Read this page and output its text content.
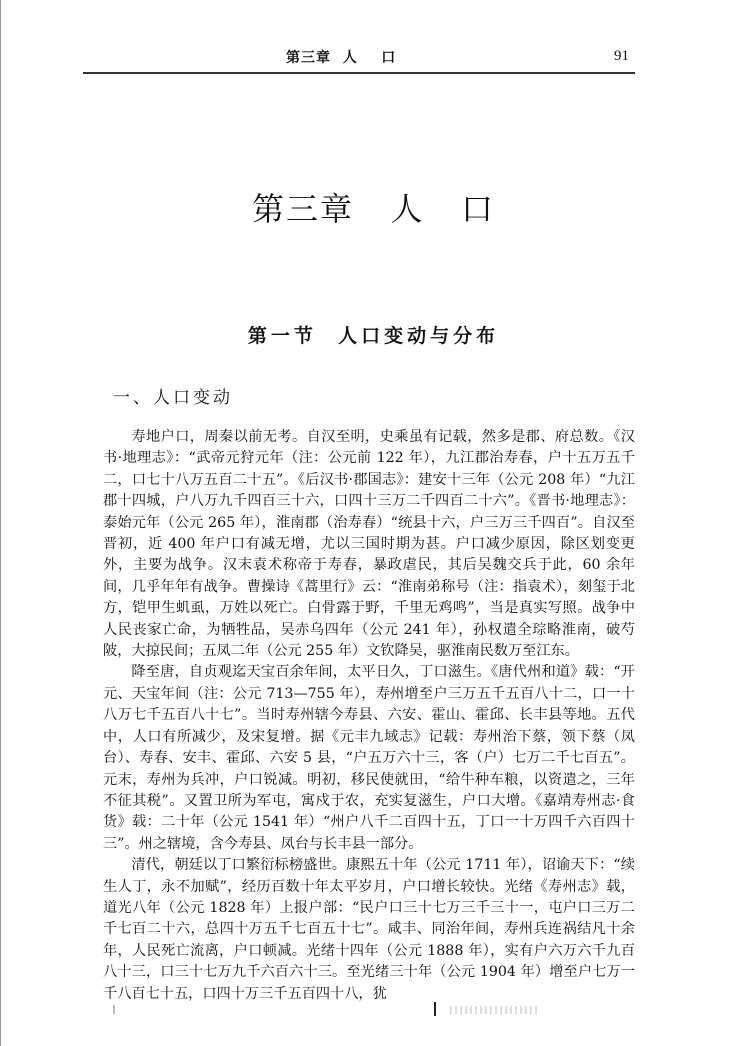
第三章  人    口	91
第三章   人   口
第一节  人口变动与分布
一、人口变动

寿地户口，周秦以前无考。自汉至明，史乘虽有记载，然多是郡、府总数。《汉书·地理志》：“武帝元狩元年（注：公元前 122 年），九江郡治寿春，户十五万五千二，口七十八万五百二十五”。《后汉书·郡国志》：建安十三年（公元 208 年）“九江郡十四城，户八万九千四百三十六，口四十三万二千四百二十六”。《晋书·地理志》：泰始元年（公元 265 年），淮南郡（治寿春）“统县十六，户三万三千四百”。自汉至晋初，近 400 年户口有减无增，尤以三国时期为甚。户口减少原因，除区划变更外，主要为战争。汉末袁术称帝于寿春，暴政虐民，其后吴魏交兵于此，60 余年间，几乎年年有战争。曹操诗《蒿里行》云：“淮南弟称号（注：指袁术），刻玺于北方，铠甲生虮虱，万姓以死亡。白骨露于野，千里无鸡鸣”，当是真实写照。战争中人民丧家亡命，为牺牲品，吴赤乌四年（公元 241 年），孙权遣全琮略淮南，破芍陂，大掠民间；五凤二年（公元 255 年）文钦降吴，驱淮南民数万至江东。

降至唐，自贞观迄天宝百余年间，太平日久，丁口滋生。《唐代州和道》载：“开元、天宝年间（注：公元 713—755 年），寿州增至户三万五千五百八十二，口一十八万七千五百八十七”。当时寿州辖今寿县、六安、霍山、霍邱、长丰县等地。五代中，人口有所减少，及宋复增。据《元丰九域志》记载：寿州治下蔡，领下蔡（凤台）、寿春、安丰、霍邱、六安 5 县，“户五万六十三，客（户）七万二千七百五”。元末，寿州为兵冲，户口锐减。明初，移民使就田，“给牛种车粮，以资遣之，三年不征其税”。又置卫所为军屯，寓戍于农，充实复滋生，户口大增。《嘉靖寿州志·食货》载：二十年（公元 1541 年）“州户八千二百四十五，丁口一十万四千六百四十三”。州之辖境，含今寿县、凤台与长丰县一部分。

清代，朝廷以丁口繁衍标榜盛世。康熙五十年（公元 1711 年），诏谕天下：“续生人丁，永不加赋”，经历百数十年太平岁月，户口增长较快。光绪《寿州志》载，道光八年（公元 1828 年）上报户部：“民户口三十七万三千三十一，屯户口三万二千七百二十六，总四十万五千七百五十七”。咸丰、同治年间，寿州兵连祸结凡十余年，人民死亡流离，户口顿减。光绪十四年（公元 1888 年），实有户六万六千九百八十三，口三十七万九千六百六十三。至光绪三十年（公元 1904 年）增至户七万一千八百七十五，口四十万三千五百四十八，犹
